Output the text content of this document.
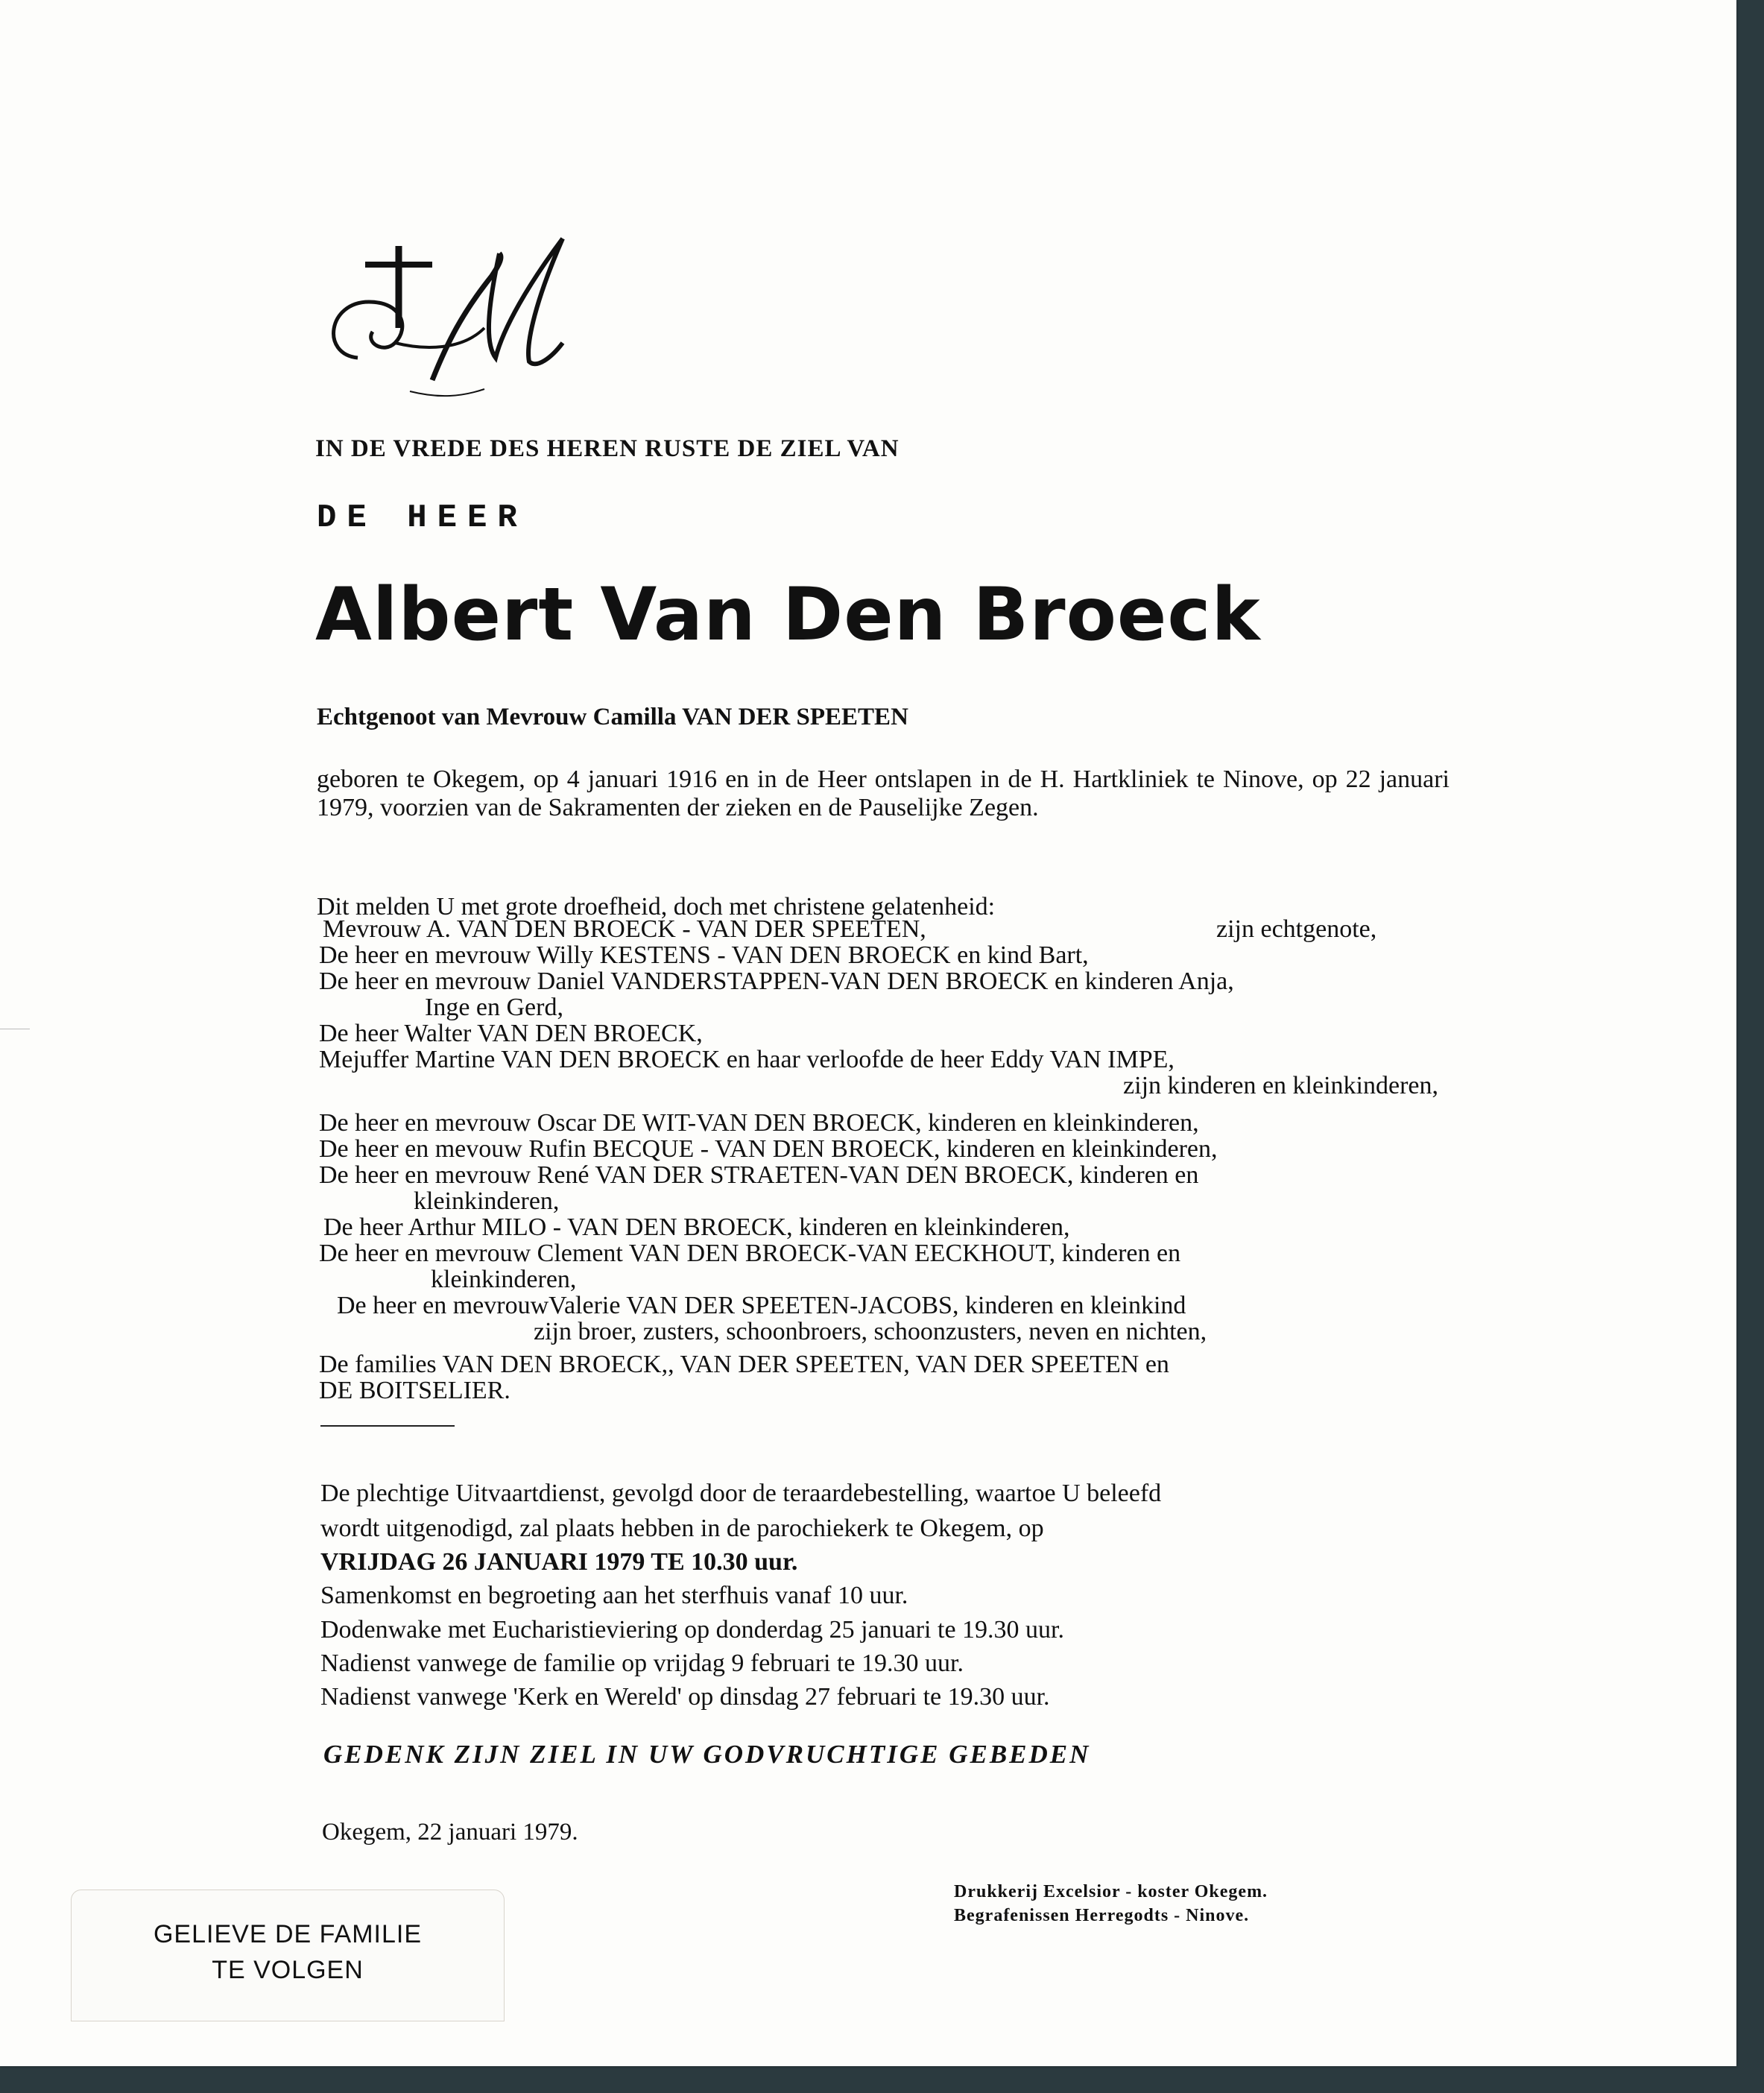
IN DE VREDE DES HEREN RUSTE DE ZIEL VAN
DE HEER
Albert Van Den Broeck
Echtgenoot van Mevrouw Camilla VAN DER SPEETEN
geboren te Okegem, op 4 januari 1916 en in de Heer ontslapen in de H. Hartkliniek te Ninove, op 22 januari 1979, voorzien van de Sakramenten der zieken en de Pauselijke Zegen.
Dit melden U met grote droefheid, doch met christene gelatenheid:
Mevrouw A. VAN DEN BROECK - VAN DER SPEETEN,	zijn echtgenote,
De heer en mevrouw Willy KESTENS - VAN DEN BROECK en kind Bart,
De heer en mevrouw Daniel VANDERSTAPPEN-VAN DEN BROECK en kinderen Anja,
Inge en Gerd,
De heer Walter VAN DEN BROECK,
Mejuffer Martine VAN DEN BROECK en haar verloofde de heer Eddy VAN IMPE,
zijn kinderen en kleinkinderen,
De heer en mevrouw Oscar DE WIT-VAN DEN BROECK, kinderen en kleinkinderen,
De heer en mevouw Rufin BECQUE - VAN DEN BROECK, kinderen en kleinkinderen,
De heer en mevrouw René VAN DER STRAETEN-VAN DEN BROECK, kinderen en
kleinkinderen,
De heer Arthur MILO - VAN DEN BROECK, kinderen en kleinkinderen,
De heer en mevrouw Clement VAN DEN BROECK-VAN EECKHOUT, kinderen en
kleinkinderen,
De heer en mevrouwValerie VAN DER SPEETEN-JACOBS, kinderen en kleinkind
zijn broer, zusters, schoonbroers, schoonzusters, neven en nichten,
De families VAN DEN BROECK,, VAN DER SPEETEN, VAN DER SPEETEN en
DE BOITSELIER.
De plechtige Uitvaartdienst, gevolgd door de teraardebestelling, waartoe U beleefd
wordt uitgenodigd, zal plaats hebben in de parochiekerk te Okegem, op
VRIJDAG 26 JANUARI 1979 TE 10.30 uur.
Samenkomst en begroeting aan het sterfhuis vanaf 10 uur.
Dodenwake met Eucharistieviering op donderdag 25 januari te 19.30 uur.
Nadienst vanwege de familie op vrijdag 9 februari te 19.30 uur.
Nadienst vanwege 'Kerk en Wereld' op dinsdag 27 februari te 19.30 uur.
GEDENK ZIJN ZIEL IN UW GODVRUCHTIGE GEBEDEN
Okegem, 22 januari 1979.
GELIEVE DE FAMILIE
TE VOLGEN
Drukkerij Excelsior - koster Okegem.
Begrafenissen Herregodts - Ninove.
